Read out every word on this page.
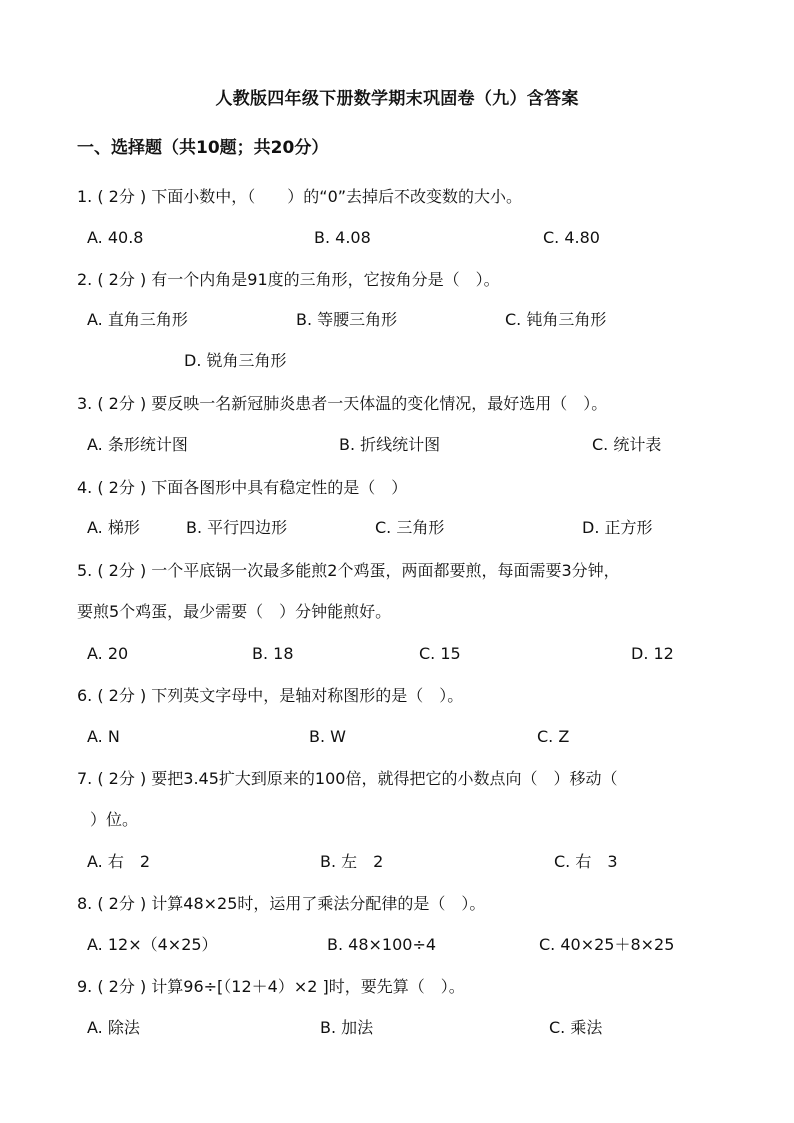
人教版四年级下册数学期末巩固卷（九）含答案
一、选择题（共10题；共20分）
1. ( 2分 ) 下面小数中，（　　）的“0”去掉后不改变数的大小。
A. 40.8	B. 4.08	C. 4.80
2. ( 2分 ) 有一个内角是91度的三角形，它按角分是（　）。
A. 直角三角形	B. 等腰三角形	C. 钝角三角形
D. 锐角三角形
3. ( 2分 ) 要反映一名新冠肺炎患者一天体温的变化情况，最好选用（　）。
A. 条形统计图	B. 折线统计图	C. 统计表
4. ( 2分 ) 下面各图形中具有稳定性的是（　）
A. 梯形	B. 平行四边形	C. 三角形	D. 正方形
5. ( 2分 ) 一个平底锅一次最多能煎2个鸡蛋，两面都要煎，每面需要3分钟，
要煎5个鸡蛋，最少需要（　）分钟能煎好。
A. 20	B. 18	C. 15	D. 12
6. ( 2分 ) 下列英文字母中，是轴对称图形的是（　）。
A. N	B. W	C. Z
7. ( 2分 ) 要把3.45扩大到原来的100倍，就得把它的小数点向（　）移动（
）位。
A. 右　2	B. 左　2	C. 右　3
8. ( 2分 ) 计算48×25时，运用了乘法分配律的是（　）。
A. 12×（4×25）	B. 48×100÷4	C. 40×25＋8×25
9. ( 2分 ) 计算96÷[（12＋4）×2 ]时，要先算（　）。
A. 除法	B. 加法	C. 乘法
